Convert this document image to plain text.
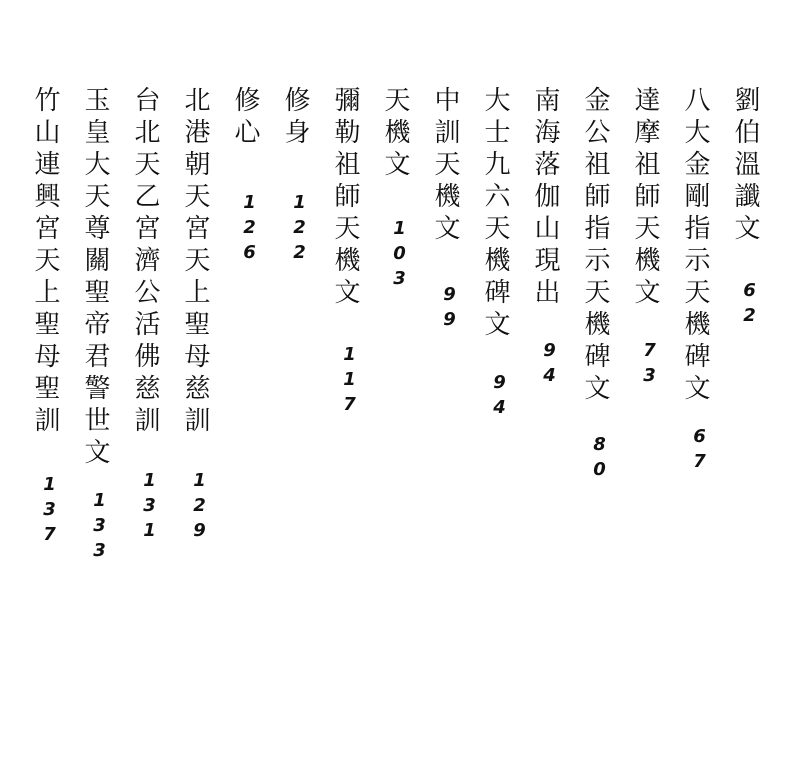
劉伯溫讖文
62
八大金剛指示天機碑文
67
達摩祖師天機文
73
金公祖師指示天機碑文
80
南海落伽山現出
94
大士九六天機碑文
94
中訓天機文
99
天機文
103
彌勒祖師天機文
117
修身
122
修心
126
北港朝天宮天上聖母慈訓
129
台北天乙宮濟公活佛慈訓
131
玉皇大天尊關聖帝君警世文
133
竹山連興宮天上聖母聖訓
137
